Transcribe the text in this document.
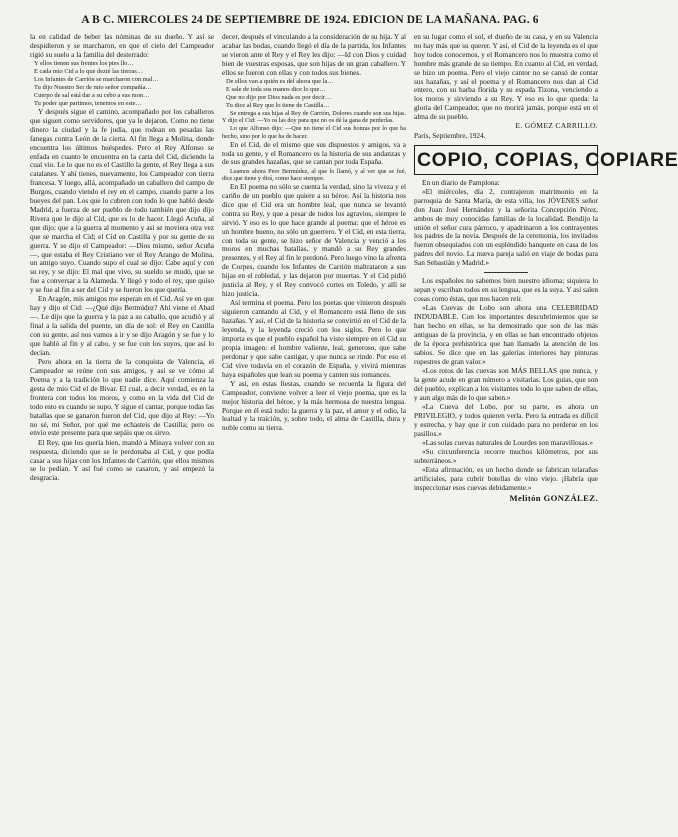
A B C. MIERCOLES 24 DE SEPTIEMBRE DE 1924. EDICION DE LA MAÑANA. PAG. 6

la en calidad de beber las nóminas de su dueño. Y así se despidieron y se marcharon, en que el cielo del Campeador rigió su suelo a la familia del desterrado:

Y ellos tienen sus frentes los pies llo…

E cada mio Cid a lo que dezié las tierras…

Los Infantes de Carrión se marcharon con mal…

Tu dijo Nuestro Ser de mio señor compañía…

Cuerpo de sal está dar a su cebo a sus mon…

Tu poder que partimos, tenemos en este…

Y después sigue el camino, acompañado por los caballeros que siguen como servidores, que ya le dejaron. Como no tiene dinero la ciudad y la fe judía, que rodean en pesadas las fanegas contra León de la cierta. Al fin llega a Molina, donde encuentra los últimos huéspedes. Pero el Rey Alfonso se enfada en cuanto le encuentra en la carta del Cid, diciendo la cual vio. Le lo que no es el Castillo la gente, el Rey llega a sus catalanes. Y ahí tienes, nuevamente, los Campeador con tierra francesa. Y luego, allá, acompañado un caballero del campo de Burgos, cuando viendo el rey en el campo, cuando parte a los bueyes del pan. Los que lo cubren con todo lo que habló desde Madrid, a fuerza de ser pueblo de todo también que dijo dijo Rivera que le dijo al Cid, que es lo de hacer. Llegó Acuña, al que dijo: que a la guerra al momento y así se moviera otra vez que se marcha el Cid; el Cid en Castilla y por su gente de su guerra. Y se dijo el Campeador: —Dios mismo, señor Acuña—, que estaba el Rey Cristiano ver el Rey Arango de Molina, un amigo suyo. Cuando supo el cual se dijo: Cabe aquí y con su rey, y se dijo: El mal que vivo, su sueldo se mudó, que se fue a conversar a la Alameda. Y llegó y todo el rey, que quiso y se fue al fin a ser del Cid y se fueron los que quería.

En Aragón, mis amigos me esperan en el Cid. Así ve en que hay y dijo el Cid: —¿Qué dijo Bermúdez? Ahí viene el Abad—. Le dijo que la guerra y la paz a su caballo, que acudió y al final a la salida del puente, un día de sol: el Rey en Castilla con su gente, así nos vamos a ir y se dijo Aragón y se fue y lo que habló al fin y al cabo, y se fue con los suyos, que así lo decían.

Pero ahora en la tierra de la conquista de Valencia, el Campeador se reúne con sus amigos, y así se ve cómo al Poema y a la tradición lo que nadie dice. Aquí comienza la gesta de mio Cid el de Bivar. El cual, a decir verdad, es en la frontera con todos los moros, y como en la vida del Cid de todo esto es cuando se supo. Y sigue el cantar, porque todas las batallas que se ganaron fueron del Cid, que dijo al Rey: —Yo no sé, mi Señor, por qué me echasteis de Castilla; pero os envío este presente para que sepáis que os sirvo.

El Rey, que los quería bien, mandó a Minaya volver con su respuesta, diciendo que se le perdonaba al Cid, y que podía casar a sus hijas con los Infantes de Carrión, que ellos mismos se lo pedían. Y así fué como se casaron, y así empezó la desgracia.

decer, después el vinculando a la consideración de su hija. Y al acabar las bodas, cuando llegó el día de la partida, los Infantes se vieron ante el Rey y el Rey les dijo: —Id con Dios y cuidad bien de vuestras esposas, que son hijas de un gran caballero. Y ellos se fueron con ellas y con todos sus bienes.

De ellos van a quién es del ahora que la…

E sale de toda sus manos dice lo que…

Que no dijo por Dios nada es por decir…

Tu dice al Rey que lo tiene de Castilla…

Se entrega a sus hijas al Rey de Carrión, Dolores cuando son sus hijas. Y dijo el Cid: —Yo os las doy para que no os dé la gana de perderlas.

Lo que Alfonso dijo: —Que no tiene el Cid sus honras por lo que ha hecho, sino por lo que ha de hacer.

En el Cid, de el mismo que sus dispuestos y amigos, va a toda su gente, y el Romancero es la historia de sus andanzas y de sus grandes hazañas, que se cantan por toda España.

Leamos ahora Pero Bermúdez, al que lo llamó, y al ver que se fué, dice que tiene y dirá, como hace siempre.

En El poema no sólo se cuenta la verdad, sino la viveza y el cariño de un pueblo que quiere a su héroe. Así la historia nos dice que el Cid era un hombre leal, que nunca se levantó contra su Rey, y que a pesar de todos los agravios, siempre le sirvió. Y eso es lo que hace grande al poema: que el héroe es un hombre bueno, no sólo un guerrero. Y el Cid, en esta tierra, con toda su gente, se hizo señor de Valencia y venció a los moros en muchas batallas, y mandó a su Rey grandes presentes, y el Rey al fin le perdonó. Pero luego vino la afrenta de Corpes, cuando los Infantes de Carrión maltrataron a sus hijas en el robledal, y las dejaron por muertas. Y el Cid pidió justicia al Rey, y el Rey convocó cortes en Toledo, y allí se hizo justicia.

Así termina el poema. Pero los poetas que vinieron después siguieron cantando al Cid, y el Romancero está lleno de sus hazañas. Y así, el Cid de la historia se convirtió en el Cid de la leyenda, y la leyenda creció con los siglos. Pero lo que importa es que el pueblo español ha visto siempre en el Cid su propia imagen: el hombre valiente, leal, generoso, que sabe perdonar y que sabe castigar, y que nunca se rinde. Por eso el Cid vive todavía en el corazón de España, y vivirá mientras haya españoles que lean su poema y canten sus romances.

Y así, en estas fiestas, cuando se recuerda la figura del Campeador, conviene volver a leer el viejo poema, que es la mejor historia del héroe, y la más hermosa de nuestra lengua. Porque en él está todo: la guerra y la paz, el amor y el odio, la lealtad y la traición, y, sobre todo, el alma de Castilla, dura y noble como su tierra.

en su lugar como el sol, el dueño de su casa, y en su Valencia no hay más que su querer. Y así, el Cid de la leyenda es el que hoy todos conocemos, y el Romancero nos lo muestra como el hombre más grande de su tiempo. En cuanto al Cid, en verdad, se hizo un poema. Pero el viejo cantor no se cansó de contar sus hazañas, y así el poema y el Romancero nos dan al Cid entero, con su barba florida y su espada Tizona, venciendo a los moros y sirviendo a su Rey. Y eso es lo que queda: la gloria del Campeador, que no morirá jamás, porque está en el alma de su pueblo.

E. GÓMEZ CARRILLO.

París, Septiembre, 1924.

COPIO, COPIAS, COPIARE

En un diario de Pamplona:

«El miércoles, día 2, contrajeron matrimonio en la parroquia de Santa María, de esta villa, los JÓVENES señor don Juan José Hernández y la señorita Concepción Pérez, ambos de muy conocidas familias de la localidad. Bendijo la unión el señor cura párroco, y apadrinaron a los contrayentes los padres de la novia. Después de la ceremonia, los invitados fueron obsequiados con un espléndido banquete en casa de los padres del novio. La nueva pareja salió en viaje de bodas para San Sebastián y Madrid.»

Los españoles no sabemos bien nuestro idioma; siquiera lo sepan y escriban todos en su lengua, que es la suya. Y así salen cosas como éstas, que nos hacen reír.

«Las Cuevas de Lobo son ahora una CELEBRIDAD INDUDABLE. Con los importantes descubrimientos que se han hecho en ellas, se ha demostrado que son de las más antiguas de la provincia, y en ellas se han encontrado objetos de la época prehistórica que han llamado la atención de los sabios. Se dice que en las galerías interiores hay pinturas rupestres de gran valor.»

«Los rotos de las cuevas son MÁS BELLAS que nunca, y la gente acude en gran número a visitarlas. Los guías, que son del pueblo, explican a los visitantes todo lo que saben de ellas, y aun algo más de lo que saben.»

«La Cueva del Lobo, por su parte, es ahora un PRIVILEGIO, y todos quieren verla. Pero la entrada es difícil y estrecha, y hay que ir con cuidado para no perderse en los pasillos.»

«Las solas cuevas naturales de Lourdes son maravillosas.»

«Su circunferencia recorre muchos kilómetros, por sus subterráneos.»

«Esta afirmación, es un hecho donde se fabrican telarañas artificiales, para cubrir botellas de vino viejo. ¡Habría que inspeccionar esos cuevas debidamente.»

Melitón GONZÁLEZ.
